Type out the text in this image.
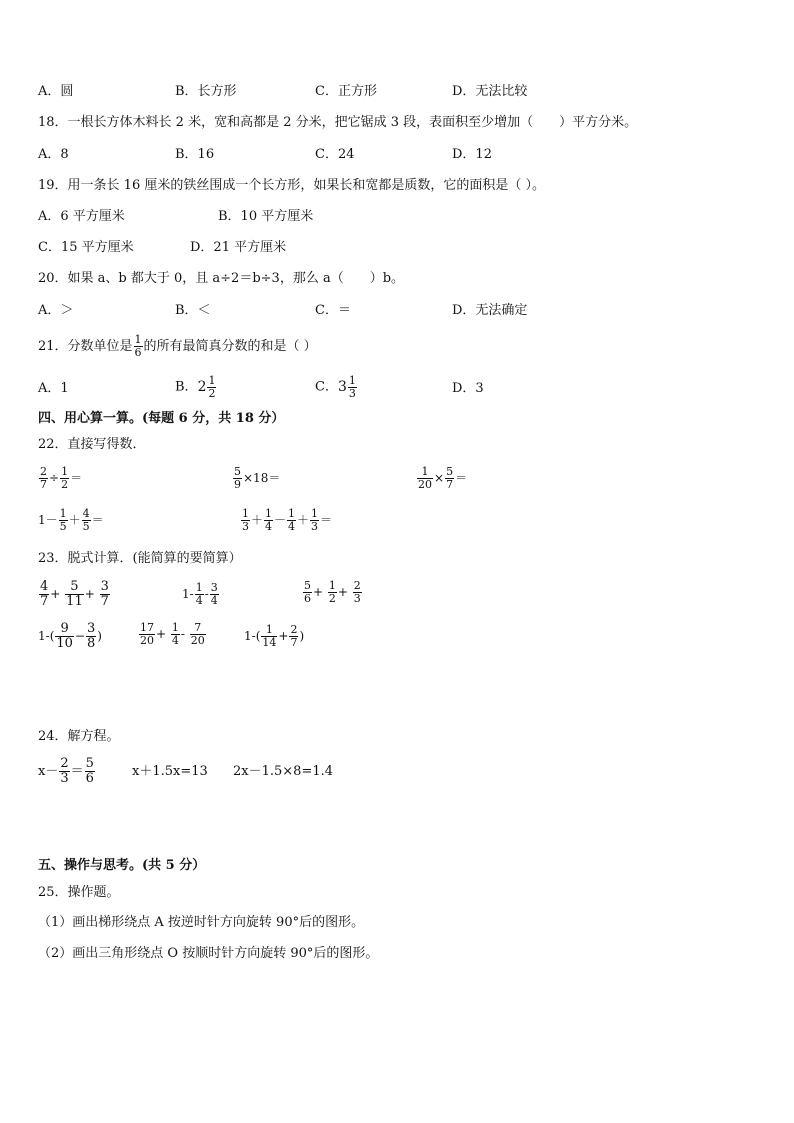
A．圆	B．长方形	C．正方形	D．无法比较
18．一根长方体木料长 2 米，宽和高都是 2 分米，把它锯成 3 段，表面积至少增加（　　）平方分米。
A．8	B．16	C．24	D．12
19．用一条长 16 厘米的铁丝围成一个长方形，如果长和宽都是质数，它的面积是（ ）。
A．6 平方厘米	B．10 平方厘米
C．15 平方厘米	D．21 平方厘米
20．如果 a、b 都大于 0，且 a÷2＝b÷3，那么 a（　　）b。
A．＞	B．＜	C．＝	D．无法确定
21．分数单位是 $\frac{1}{6}$ 的所有最简真分数的和是（ ）
A．1	B．$2 \frac{1}{2}$	C．$3 \frac{1}{3}$	D．3
四、用心算一算。(每题 6 分，共 18 分）
22．直接写得数．
$\frac{2}{7} \div \frac{1}{2}$ ＝	$\frac{5}{9} \times 18=$	$\frac{1}{20} \times \frac{5}{7}$ ＝
$1- \frac{1}{5} + \frac{4}{5}$ ＝	$\frac{1}{3} + \frac{1}{4} - \frac{1}{4} + \frac{1}{3}$ ＝
23．脱式计算．(能简算的要简算）
$\frac{4}{7} + \frac{5}{11} + \frac{3}{7}$	$1- \frac{1}{4} - \frac{3}{4}$	$\frac{5}{6} + \frac{1}{2} + \frac{2}{3}$
$1-( \frac{9}{10} - \frac{3}{8}$ )	$\frac{17}{20} + \frac{1}{4} - \frac{7}{20}$	$1-( \frac{1}{14} + \frac{2}{7}$ )
24．解方程。
$x- \frac{2}{3} = \frac{5}{6}$	x＋1.5x=13 2x－1.5×8=1.4
五、操作与思考。(共 5 分）
25．操作题。
（1）画出梯形绕点 A 按逆时针方向旋转 90°后的图形。
（2）画出三角形绕点 O 按顺时针方向旋转 90°后的图形。
